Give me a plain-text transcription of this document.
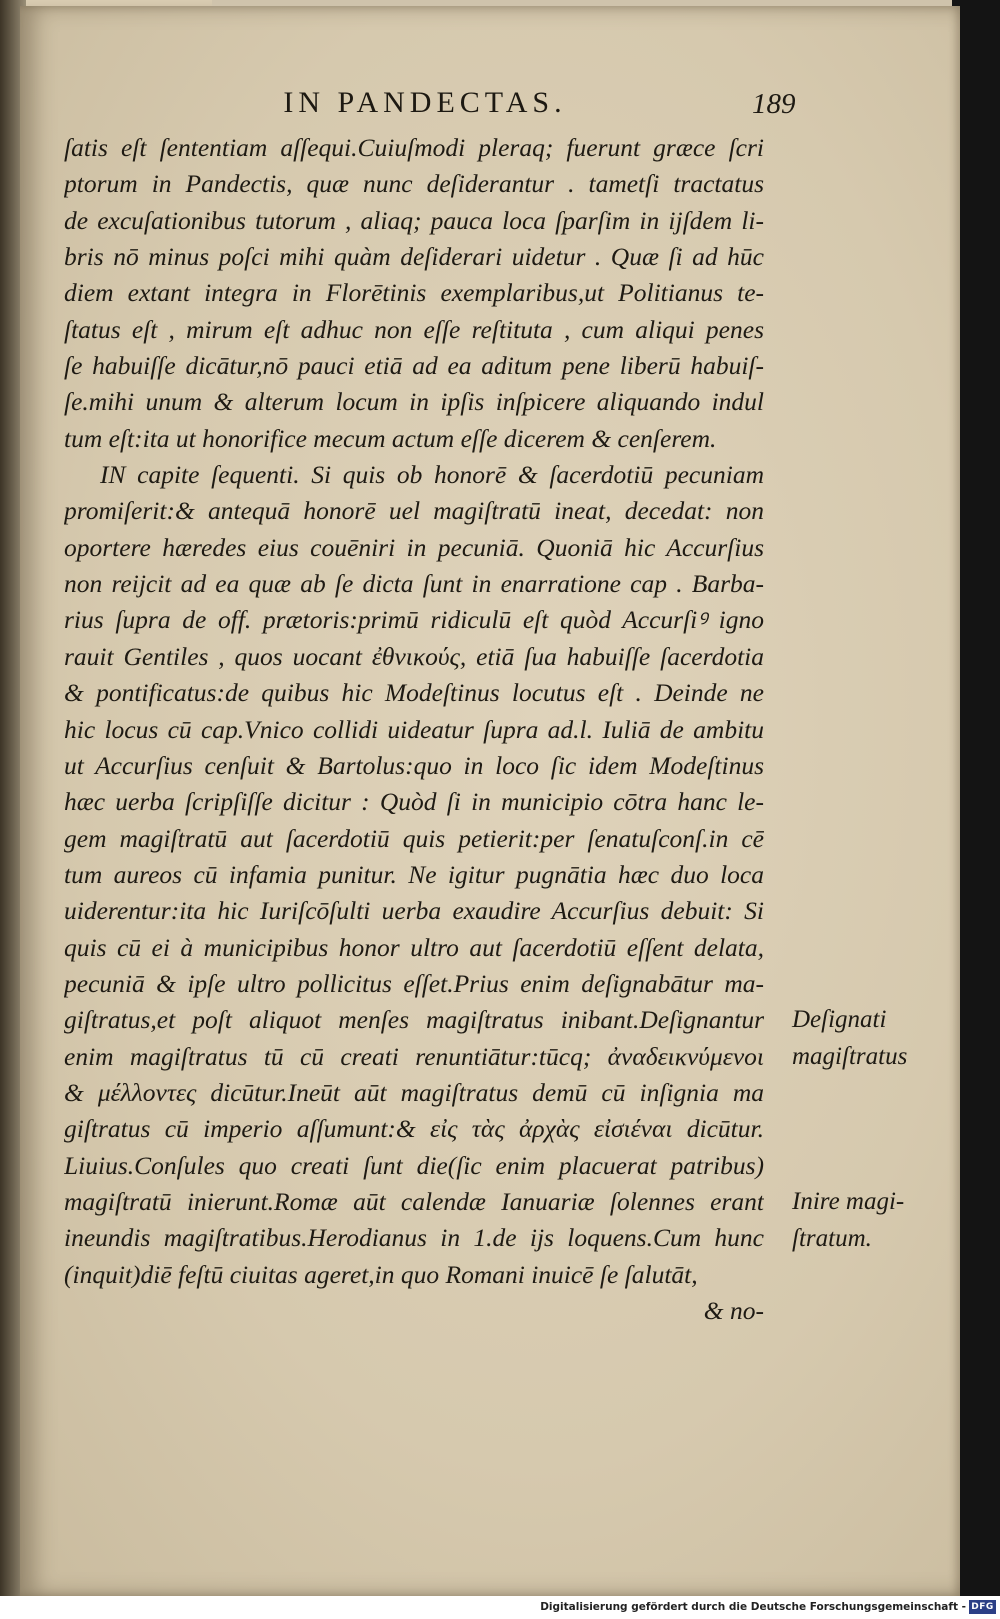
IN PANDECTAS.	189
ſatis eſt ſententiam aſſequi.Cuiuſmodi pleraq; fuerunt græce ſcri
ptorum in Pandectis, quæ nunc deſiderantur . tametſi tractatus
de excuſationibus tutorum , aliaq; pauca loca ſparſim in ijſdem li-
bris nō minus poſci mihi quàm deſiderari uidetur . Quæ ſi ad hūc
diem extant integra in Florētinis exemplaribus,ut Politianus te-
ſtatus eſt , mirum eſt adhuc non eſſe reſtituta , cum aliqui penes
ſe habuiſſe dicātur,nō pauci etiā ad ea aditum pene liberū habuiſ-
ſe.mihi unum & alterum locum in ipſis inſpicere aliquando indul
tum eſt:ita ut honorifice mecum actum eſſe dicerem & cenſerem.
IN capite ſequenti. Si quis ob honorē & ſacerdotiū pecuniam
promiſerit:& antequā honorē uel magiſtratū ineat, decedat: non
oportere hæredes eius couēniri in pecuniā. Quoniā hic Accurſius
non reijcit ad ea quæ ab ſe dicta ſunt in enarratione cap . Barba-
rius ſupra de off. prætoris:primū ridiculū eſt quòd Accurſiꝰ igno
rauit Gentiles , quos uocant ἐθνικούς, etiā ſua habuiſſe ſacerdotia
& pontificatus:de quibus hic Modeſtinus locutus eſt . Deinde ne
hic locus cū cap.Vnico collidi uideatur ſupra ad.l. Iuliā de ambitu
ut Accurſius cenſuit & Bartolus:quo in loco ſic idem Modeſtinus
hæc uerba ſcripſiſſe dicitur : Quòd ſi in municipio cōtra hanc le-
gem magiſtratū aut ſacerdotiū quis petierit:per ſenatuſconſ.in cē
tum aureos cū infamia punitur. Ne igitur pugnātia hæc duo loca
uiderentur:ita hic Iuriſcōſulti uerba exaudire Accurſius debuit: Si
quis cū ei à municipibus honor ultro aut ſacerdotiū eſſent delata,
pecuniā & ipſe ultro pollicitus eſſet.Prius enim deſignabātur ma-
giſtratus,et poſt aliquot menſes magiſtratus inibant.Deſignantur
enim magiſtratus tū cū creati renuntiātur:tūcq; ἀναδεικνύμενοι
& μέλλοντες dicūtur.Ineūt aūt magiſtratus demū cū inſignia ma
giſtratus cū imperio aſſumunt:& εἰς τὰς ἀρχὰς εἰσιέναι dicūtur.
Liuius.Conſules quo creati ſunt die(ſic enim placuerat patribus)
magiſtratū inierunt.Romæ aūt calendæ Ianuariæ ſolennes erant
ineundis magiſtratibus.Herodianus in 1.de ijs loquens.Cum hunc
(inquit)diē feſtū ciuitas ageret,in quo Romani inuicē ſe ſalutāt,
& no-
Deſignati
magiſtratus
Inire magi-
ſtratum.
Digitalisierung gefördert durch die Deutsche Forschungsgemeinschaft - DFG
